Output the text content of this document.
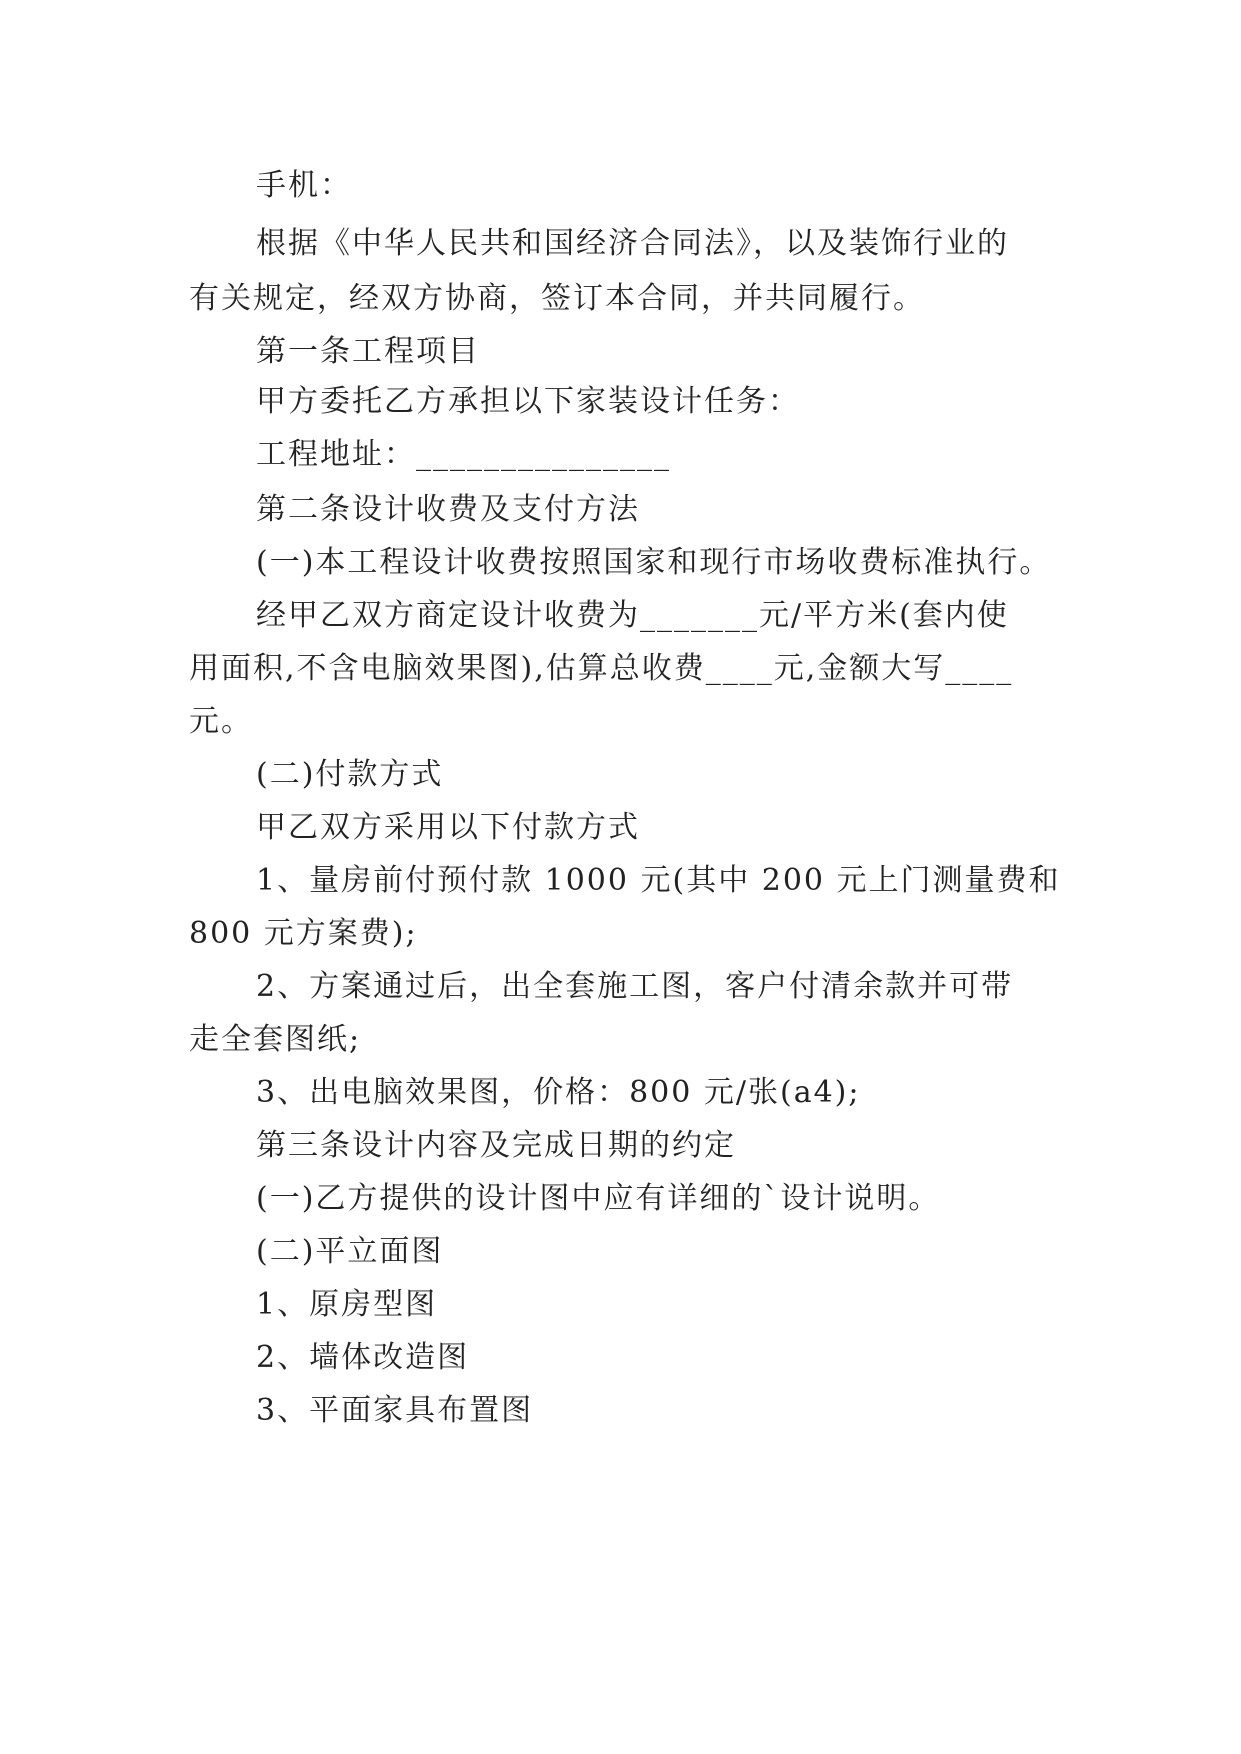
手机：
根据《中华人民共和国经济合同法》，以及装饰行业的
有关规定，经双方协商，签订本合同，并共同履行。
第一条工程项目
甲方委托乙方承担以下家装设计任务：
工程地址：_______________
第二条设计收费及支付方法
(一)本工程设计收费按照国家和现行市场收费标准执行。
经甲乙双方商定设计收费为_______元/平方米(套内使
用面积,不含电脑效果图),估算总收费____元,金额大写____
元。
(二)付款方式
甲乙双方采用以下付款方式
1、量房前付预付款 1000 元(其中 200 元上门测量费和
800 元方案费);
2、方案通过后，出全套施工图，客户付清余款并可带
走全套图纸;
3、出电脑效果图，价格：800 元/张(a4);
第三条设计内容及完成日期的约定
(一)乙方提供的设计图中应有详细的`设计说明。
(二)平立面图
1、原房型图
2、墙体改造图
3、平面家具布置图
